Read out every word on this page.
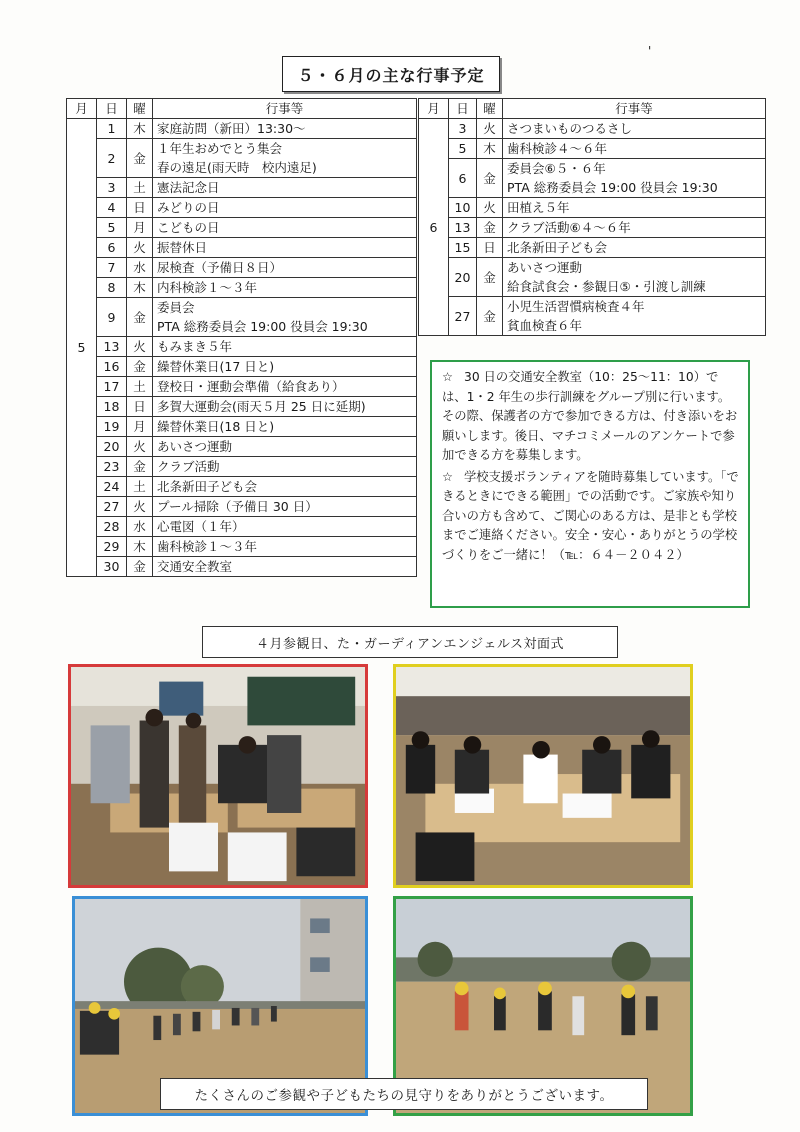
'
５・６月の主な行事予定
月	日	曜	行事等
5	1	木	家庭訪問（新田）13:30～

	2	金	１年生おめでとう集会
春の遠足(雨天時　校内遠足)

	3	土	憲法記念日

	4	日	みどりの日

	5	月	こどもの日

	6	火	振替休日

	7	水	尿検査（予備日８日）

	8	木	内科検診１～３年

	9	金	委員会
PTA 総務委員会 19:00 役員会 19:30

	13	火	もみまき５年

	16	金	繰替休業日(17 日と)

	17	土	登校日・運動会準備（給食あり）

	18	日	多賀大運動会(雨天５月 25 日に延期)

	19	月	繰替休業日(18 日と)

	20	火	あいさつ運動

	23	金	クラブ活動

	24	土	北条新田子ども会

	27	火	プール掃除（予備日 30 日）

	28	水	心電図（１年）

	29	木	歯科検診１～３年

	30	金	交通安全教室
月	日	曜	行事等
6	3	火	さつまいものつるさし

	5	木	歯科検診４～６年

	6	金	委員会⑥５・６年
PTA 総務委員会 19:00 役員会 19:30

	10	火	田植え５年

	13	金	クラブ活動⑥４～６年

	15	日	北条新田子ども会

	20	金	あいさつ運動
給食試食会・参観日⑤・引渡し訓練

	27	金	小児生活習慣病検査４年
貧血検査６年

☆ 30 日の交通安全教室（10：25～11：10）では、1・2 年生の歩行訓練をグループ別に行います。その際、保護者の方で参加できる方は、付き添いをお願いします。後日、マチコミメールのアンケートで参加できる方を募集します。

☆ 学校支援ボランティアを随時募集しています。「できるときにできる範囲」での活動です。ご家族や知り合いの方も含めて、ご関心のある方は、是非とも学校までご連絡ください。安全・安心・ありがとうの学校づくりをご一緒に！（℡：６４－２０４２）

４月参観日、た・ガーディアンエンジェルス対面式
たくさんのご参観や子どもたちの見守りをありがとうございます。
